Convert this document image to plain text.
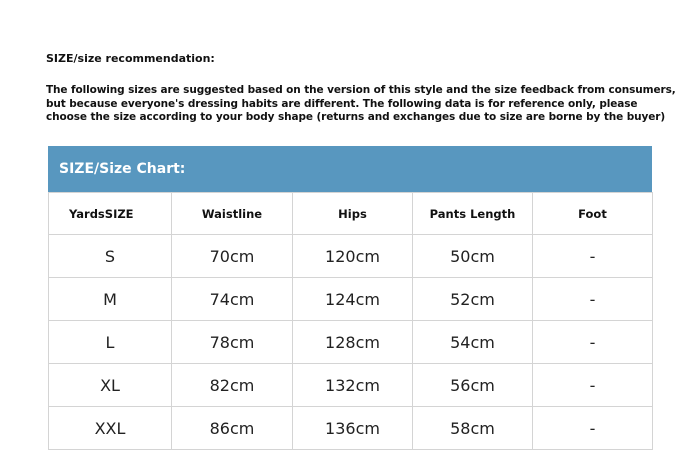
SIZE/size recommendation:

The following sizes are suggested based on the version of this style and the size feedback from consumers,
but because everyone's dressing habits are different. The following data is for reference only, please
choose the size according to your body shape (returns and exchanges due to size are borne by the buyer)

SIZE/Size Chart:
YardsSIZE	Waistline	Hips	Pants Length	Foot
S	70cm	120cm	50cm	-
M	74cm	124cm	52cm	-
L	78cm	128cm	54cm	-
XL	82cm	132cm	56cm	-
XXL	86cm	136cm	58cm	-
